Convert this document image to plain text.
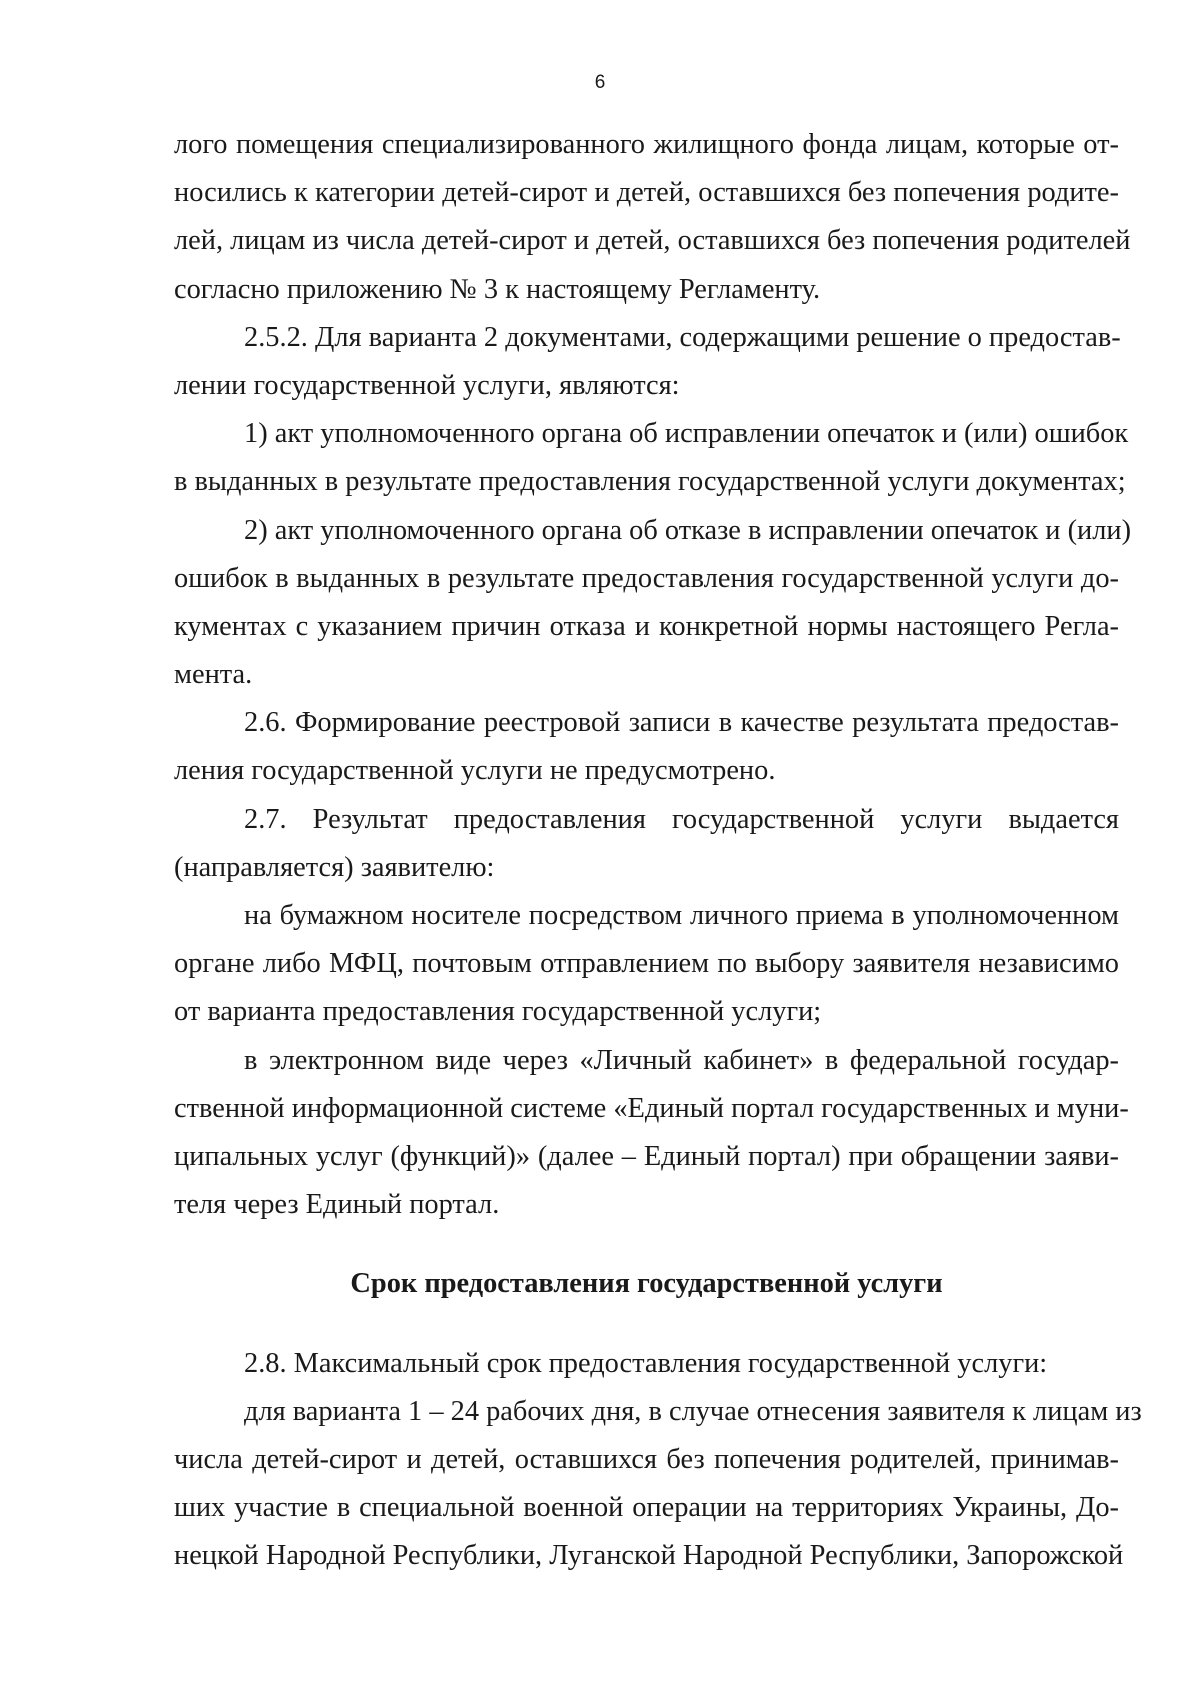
6
лого помещения специализированного жилищного фонда лицам, которые от-
носились к категории детей-сирот и детей, оставшихся без попечения родите-
лей, лицам из числа детей-сирот и детей, оставшихся без попечения родителей
согласно приложению № 3 к настоящему Регламенту.
2.5.2. Для варианта 2 документами, содержащими решение о предостав-
лении государственной услуги, являются:
1) акт уполномоченного органа об исправлении опечаток и (или) ошибок
в выданных в результате предоставления государственной услуги документах;
2) акт уполномоченного органа об отказе в исправлении опечаток и (или)
ошибок в выданных в результате предоставления государственной услуги до-
кументах с указанием причин отказа и конкретной нормы настоящего Регла-
мента.
2.6. Формирование реестровой записи в качестве результата предостав-
ления государственной услуги не предусмотрено.
2.7. Результат предоставления государственной услуги выдается
(направляется) заявителю:
на бумажном носителе посредством личного приема в уполномоченном
органе либо МФЦ, почтовым отправлением по выбору заявителя независимо
от варианта предоставления государственной услуги;
в электронном виде через «Личный кабинет» в федеральной государ-
ственной информационной системе «Единый портал государственных и муни-
ципальных услуг (функций)» (далее – Единый портал) при обращении заяви-
теля через Единый портал.
Срок предоставления государственной услуги
2.8. Максимальный срок предоставления государственной услуги:
для варианта 1 – 24 рабочих дня, в случае отнесения заявителя к лицам из
числа детей-сирот и детей, оставшихся без попечения родителей, принимав-
ших участие в специальной военной операции на территориях Украины, До-
нецкой Народной Республики, Луганской Народной Республики, Запорожской
